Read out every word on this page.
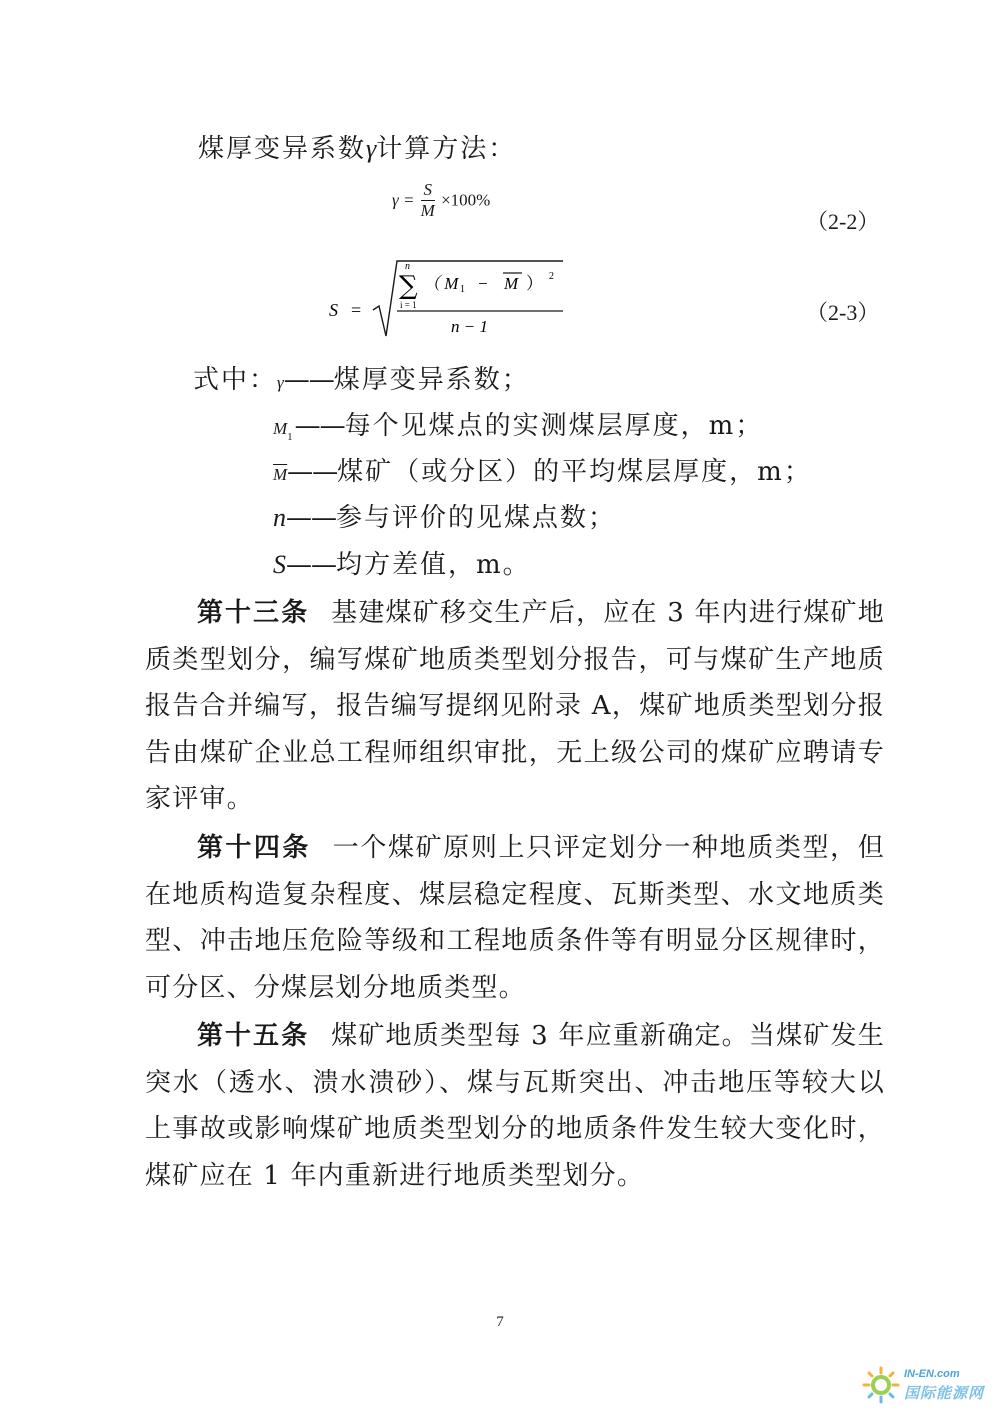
煤厚变异系数γ计算方法：
$\gamma = \frac{S}{M} \times 100\%$
（2-2）
S =
∑
n
i = 1
（ M 1 − M ） 2
n − 1
（2-3）
式中：γ——煤厚变异系数；
$M_1——$每个见煤点的实测煤层厚度，m；
$\overline{M}——$煤矿（或分区）的平均煤层厚度，m；
n——参与评价的见煤点数；
S——均方差值，m。
第十三条 基建煤矿移交生产后，应在 3 年内进行煤矿地质类型划分，编写煤矿地质类型划分报告，可与煤矿生产地质报告合并编写，报告编写提纲见附录 A，煤矿地质类型划分报告由煤矿企业总工程师组织审批，无上级公司的煤矿应聘请专家评审。
第十四条 一个煤矿原则上只评定划分一种地质类型，但在地质构造复杂程度、煤层稳定程度、瓦斯类型、水文地质类型、冲击地压危险等级和工程地质条件等有明显分区规律时，可分区、分煤层划分地质类型。
第十五条 煤矿地质类型每 3 年应重新确定。当煤矿发生突水（透水、溃水溃砂）、煤与瓦斯突出、冲击地压等较大以上事故或影响煤矿地质类型划分的地质条件发生较大变化时，煤矿应在 1 年内重新进行地质类型划分。
7
IN-EN.com
国际能源网
